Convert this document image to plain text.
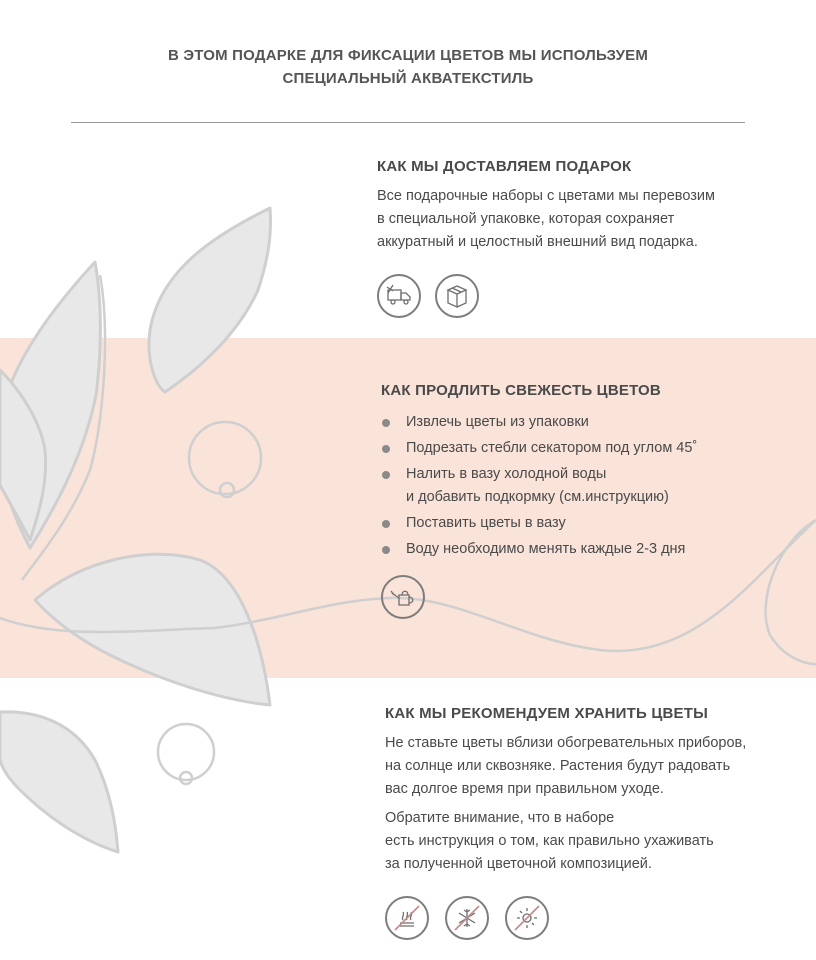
В ЭТОМ ПОДАРКЕ ДЛЯ ФИКСАЦИИ ЦВЕТОВ МЫ ИСПОЛЬЗУЕМ
СПЕЦИАЛЬНЫЙ АКВАТЕКСТИЛЬ
КАК МЫ ДОСТАВЛЯЕМ ПОДАРОК

Все подарочные наборы с цветами мы перевозим
в специальной упаковке, которая сохраняет
аккуратный и целостный внешний вид подарка.

КАК ПРОДЛИТЬ СВЕЖЕСТЬ ЦВЕТОВ
Извлечь цветы из упаковки
Подрезать стебли секатором под углом 45˚
Налить в вазу холодной воды
и добавить подкормку (см.инструкцию)
Поставить цветы в вазу
Воду необходимо менять каждые 2-3 дня
КАК МЫ РЕКОМЕНДУЕМ ХРАНИТЬ ЦВЕТЫ

Не ставьте цветы вблизи обогревательных приборов,
на солнце или сквозняке. Растения будут радовать
вас долгое время при правильном уходе.

Обратите внимание, что в наборе
есть инструкция о том, как правильно ухаживать
за полученной цветочной композицией.
